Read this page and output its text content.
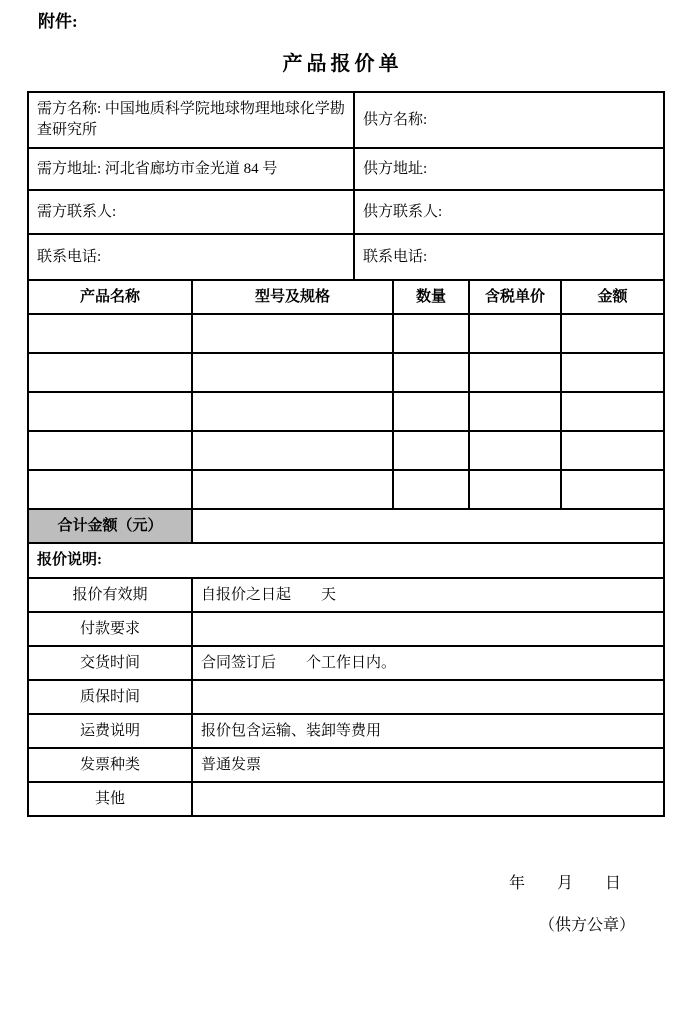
附件:
产品报价单
需方名称: 中国地质科学院地球物理地球化学勘查研究所		供方名称:			
需方地址: 河北省廊坊市金光道 84 号		供方地址:			
需方联系人:		供方联系人:			
联系电话:		联系电话:			
产品名称	型号及规格		数量	含税单价	金额

合计金额（元）					
报价说明:					
报价有效期	自报价之日起　　天				
付款要求					
交货时间	合同签订后　　个工作日内。				
质保时间					
运费说明	报价包含运输、装卸等费用				
发票种类	普通发票				
其他					
年　　月　　日
（供方公章）
